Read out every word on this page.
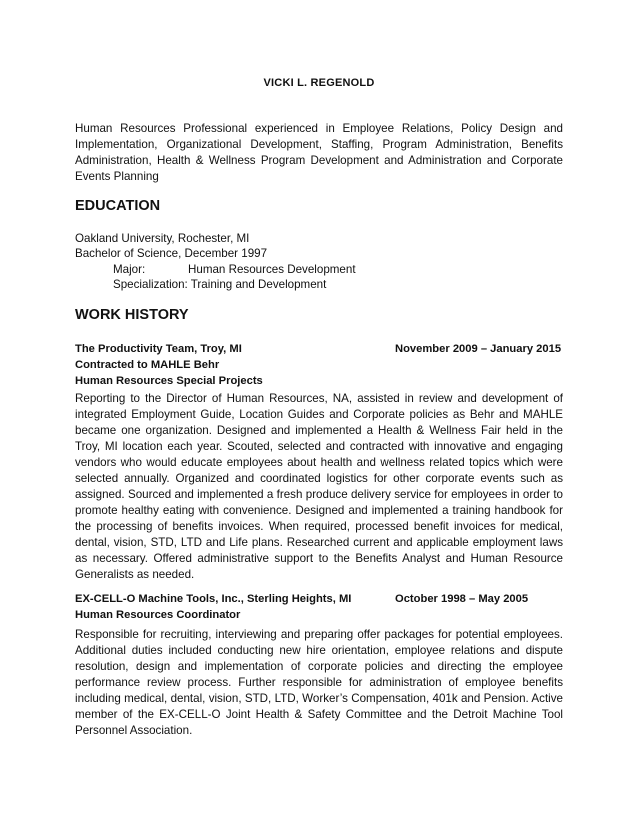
VICKI L. REGENOLD

Human Resources Professional experienced in Employee Relations, Policy Design and Implementation, Organizational Development, Staffing, Program Administration, Benefits Administration, Health & Wellness Program Development and Administration and Corporate Events Planning

EDUCATION
Oakland University, Rochester, MI
Bachelor of Science, December 1997
Major:	Human Resources Development
Specialization: Training and Development
WORK HISTORY
The Productivity Team, Troy, MI	November 2009 – January 2015
Contracted to MAHLE Behr
Human Resources Special Projects

Reporting to the Director of Human Resources, NA, assisted in review and development of integrated Employment Guide, Location Guides and Corporate policies as Behr and MAHLE became one organization. Designed and implemented a Health & Wellness Fair held in the Troy, MI location each year. Scouted, selected and contracted with innovative and engaging vendors who would educate employees about health and wellness related topics which were selected annually. Organized and coordinated logistics for other corporate events such as assigned. Sourced and implemented a fresh produce delivery service for employees in order to promote healthy eating with convenience. Designed and implemented a training handbook for the processing of benefits invoices. When required, processed benefit invoices for medical, dental, vision, STD, LTD and Life plans. Researched current and applicable employment laws as necessary. Offered administrative support to the Benefits Analyst and Human Resource Generalists as needed.

EX-CELL-O Machine Tools, Inc., Sterling Heights, MI	October 1998 – May 2005
Human Resources Coordinator

Responsible for recruiting, interviewing and preparing offer packages for potential employees. Additional duties included conducting new hire orientation, employee relations and dispute resolution, design and implementation of corporate policies and directing the employee performance review process. Further responsible for administration of employee benefits including medical, dental, vision, STD, LTD, Worker’s Compensation, 401k and Pension. Active member of the EX-CELL-O Joint Health & Safety Committee and the Detroit Machine Tool Personnel Association.
